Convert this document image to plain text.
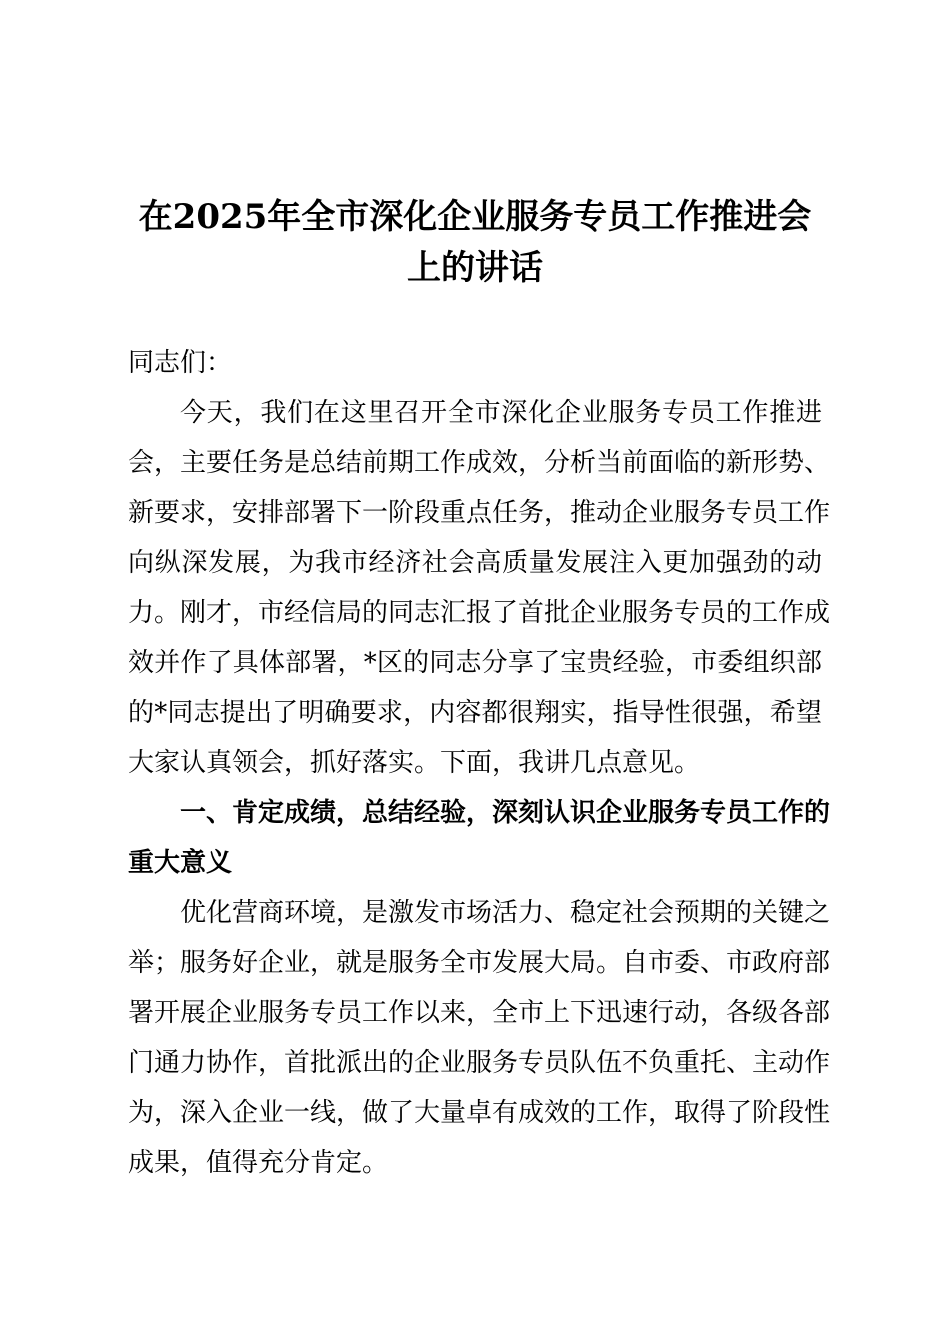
在2025年全市深化企业服务专员工作推进会
上的讲话
同志们：
今天，我们在这里召开全市深化企业服务专员工作推进
会，主要任务是总结前期工作成效，分析当前面临的新形势、
新要求，安排部署下一阶段重点任务，推动企业服务专员工作
向纵深发展，为我市经济社会高质量发展注入更加强劲的动
力。刚才，市经信局的同志汇报了首批企业服务专员的工作成
效并作了具体部署，*区的同志分享了宝贵经验，市委组织部
的*同志提出了明确要求，内容都很翔实，指导性很强，希望
大家认真领会，抓好落实。下面，我讲几点意见。
一、肯定成绩，总结经验，深刻认识企业服务专员工作的
重大意义
优化营商环境，是激发市场活力、稳定社会预期的关键之
举；服务好企业，就是服务全市发展大局。自市委、市政府部
署开展企业服务专员工作以来，全市上下迅速行动，各级各部
门通力协作，首批派出的企业服务专员队伍不负重托、主动作
为，深入企业一线，做了大量卓有成效的工作，取得了阶段性
成果，值得充分肯定。
